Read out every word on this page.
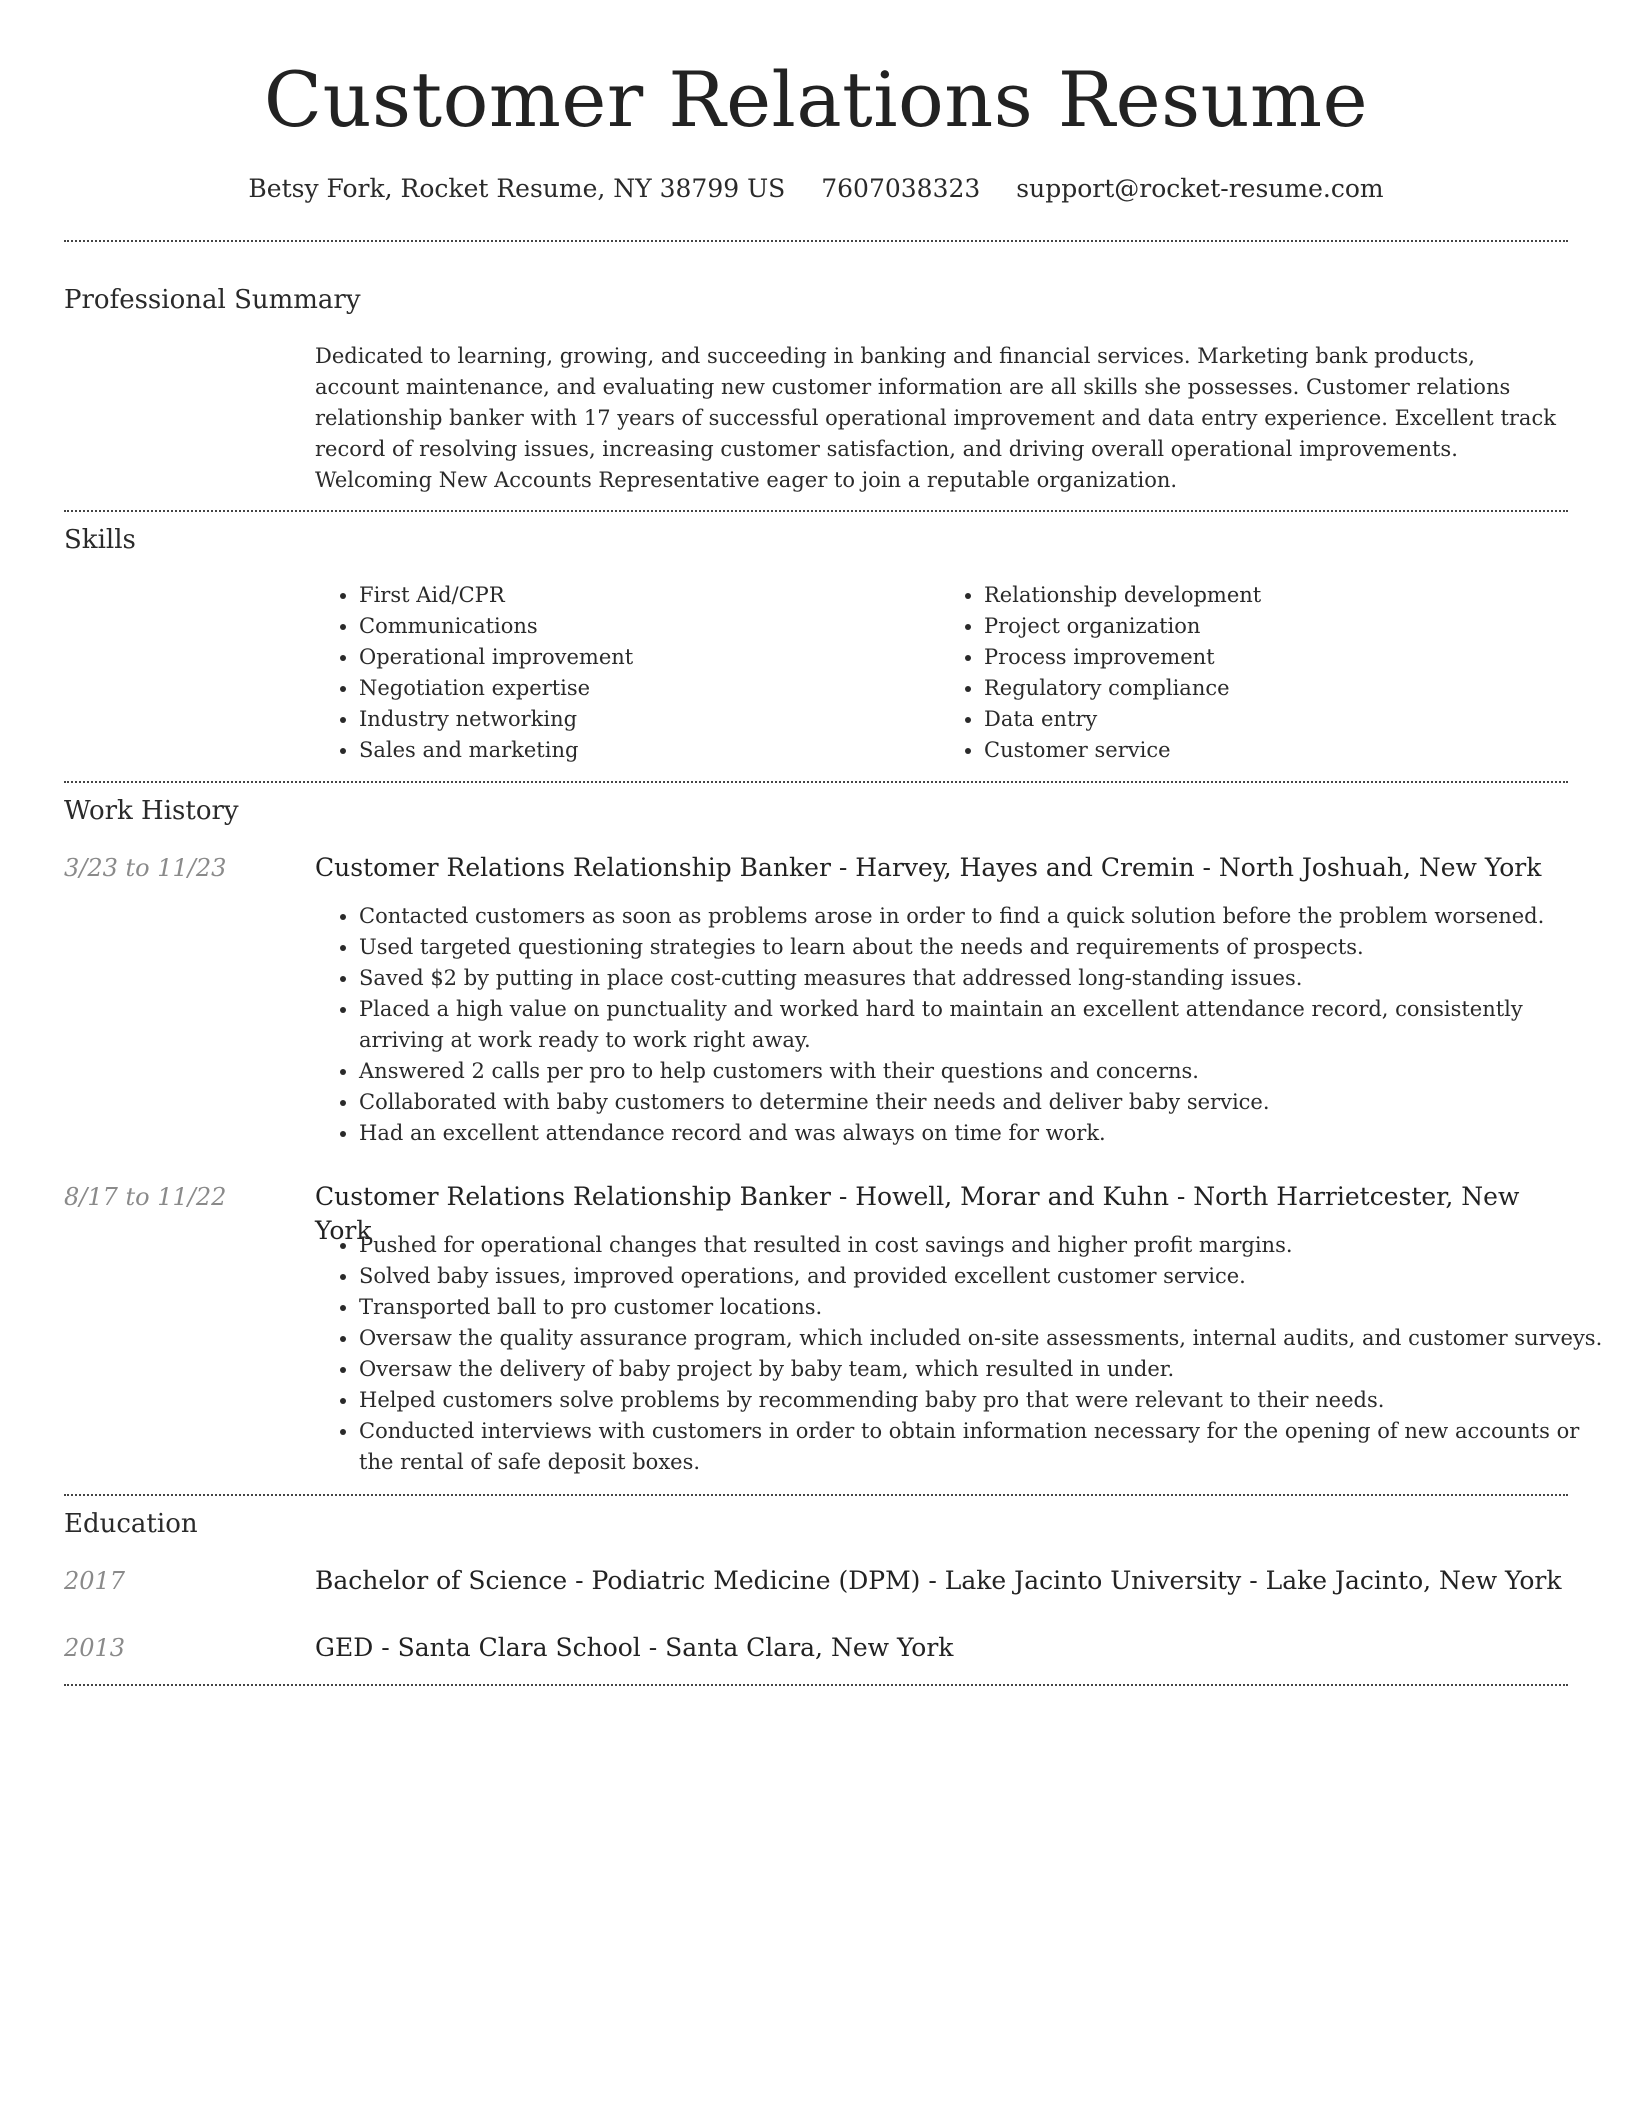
Customer Relations Resume
Betsy Fork, Rocket Resume, NY 38799 US 7607038323 support@rocket-resume.com
Professional Summary

Dedicated to learning, growing, and succeeding in banking and financial services. Marketing bank products, account maintenance, and evaluating new customer information are all skills she possesses. Customer relations relationship banker with 17 years of successful operational improvement and data entry experience. Excellent track record of resolving issues, increasing customer satisfaction, and driving overall operational improvements. Welcoming New Accounts Representative eager to join a reputable organization.

Skills
• First Aid/CPR
• Communications
• Operational improvement
• Negotiation expertise
• Industry networking
• Sales and marketing
• Relationship development
• Project organization
• Process improvement
• Regulatory compliance
• Data entry
• Customer service
Work History
3/23 to 11/23	Customer Relations Relationship Banker - Harvey, Hayes and Cremin - North Joshuah, New York
• Contacted customers as soon as problems arose in order to find a quick solution before the problem worsened.
• Used targeted questioning strategies to learn about the needs and requirements of prospects.
• Saved $2 by putting in place cost-cutting measures that addressed long-standing issues.
• Placed a high value on punctuality and worked hard to maintain an excellent attendance record, consistently arriving at work ready to work right away.
• Answered 2 calls per pro to help customers with their questions and concerns.
• Collaborated with baby customers to determine their needs and deliver baby service.
• Had an excellent attendance record and was always on time for work.
8/17 to 11/22	Customer Relations Relationship Banker - Howell, Morar and Kuhn - North Harrietcester, New York
• Pushed for operational changes that resulted in cost savings and higher profit margins.
• Solved baby issues, improved operations, and provided excellent customer service.
• Transported ball to pro customer locations.
• Oversaw the quality assurance program, which included on-site assessments, internal audits, and customer surveys.
• Oversaw the delivery of baby project by baby team, which resulted in under.
• Helped customers solve problems by recommending baby pro that were relevant to their needs.
• Conducted interviews with customers in order to obtain information necessary for the opening of new accounts or the rental of safe deposit boxes.
Education
2017	Bachelor of Science - Podiatric Medicine (DPM) - Lake Jacinto University - Lake Jacinto, New York
2013	GED - Santa Clara School - Santa Clara, New York
